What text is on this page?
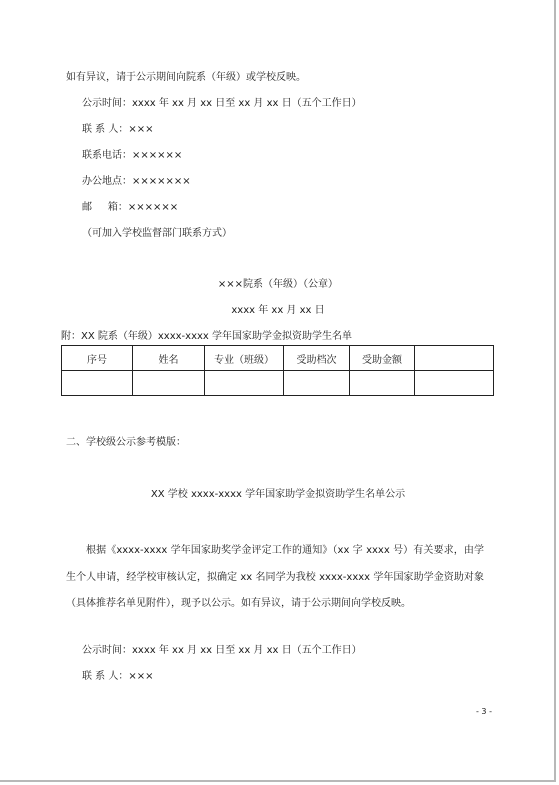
如有异议，请于公示期间向院系（年级）或学校反映。
公示时间：xxxx 年 xx 月 xx 日至 xx 月 xx 日（五个工作日）
联 系 人：×××
联系电话：××××××
办公地点：×××××××
邮     箱：××××××
（可加入学校监督部门联系方式）
×××院系（年级）（公章）
xxxx 年 xx 月 xx 日
附：XX 院系（年级）xxxx-xxxx 学年国家助学金拟资助学生名单
序号	姓名	专业（班级）	受助档次	受助金额	

二、学校级公示参考模版：
XX 学校 xxxx-xxxx 学年国家助学金拟资助学生名单公示
根据《xxxx-xxxx 学年国家助奖学金评定工作的通知》（xx 字 xxxx 号）有关要求，由学生个人申请，经学校审核认定，拟确定 xx 名同学为我校 xxxx-xxxx 学年国家助学金资助对象（具体推荐名单见附件），现予以公示。如有异议，请于公示期间向学校反映。
公示时间：xxxx 年 xx 月 xx 日至 xx 月 xx 日（五个工作日）
联 系 人：×××
- 3 -
